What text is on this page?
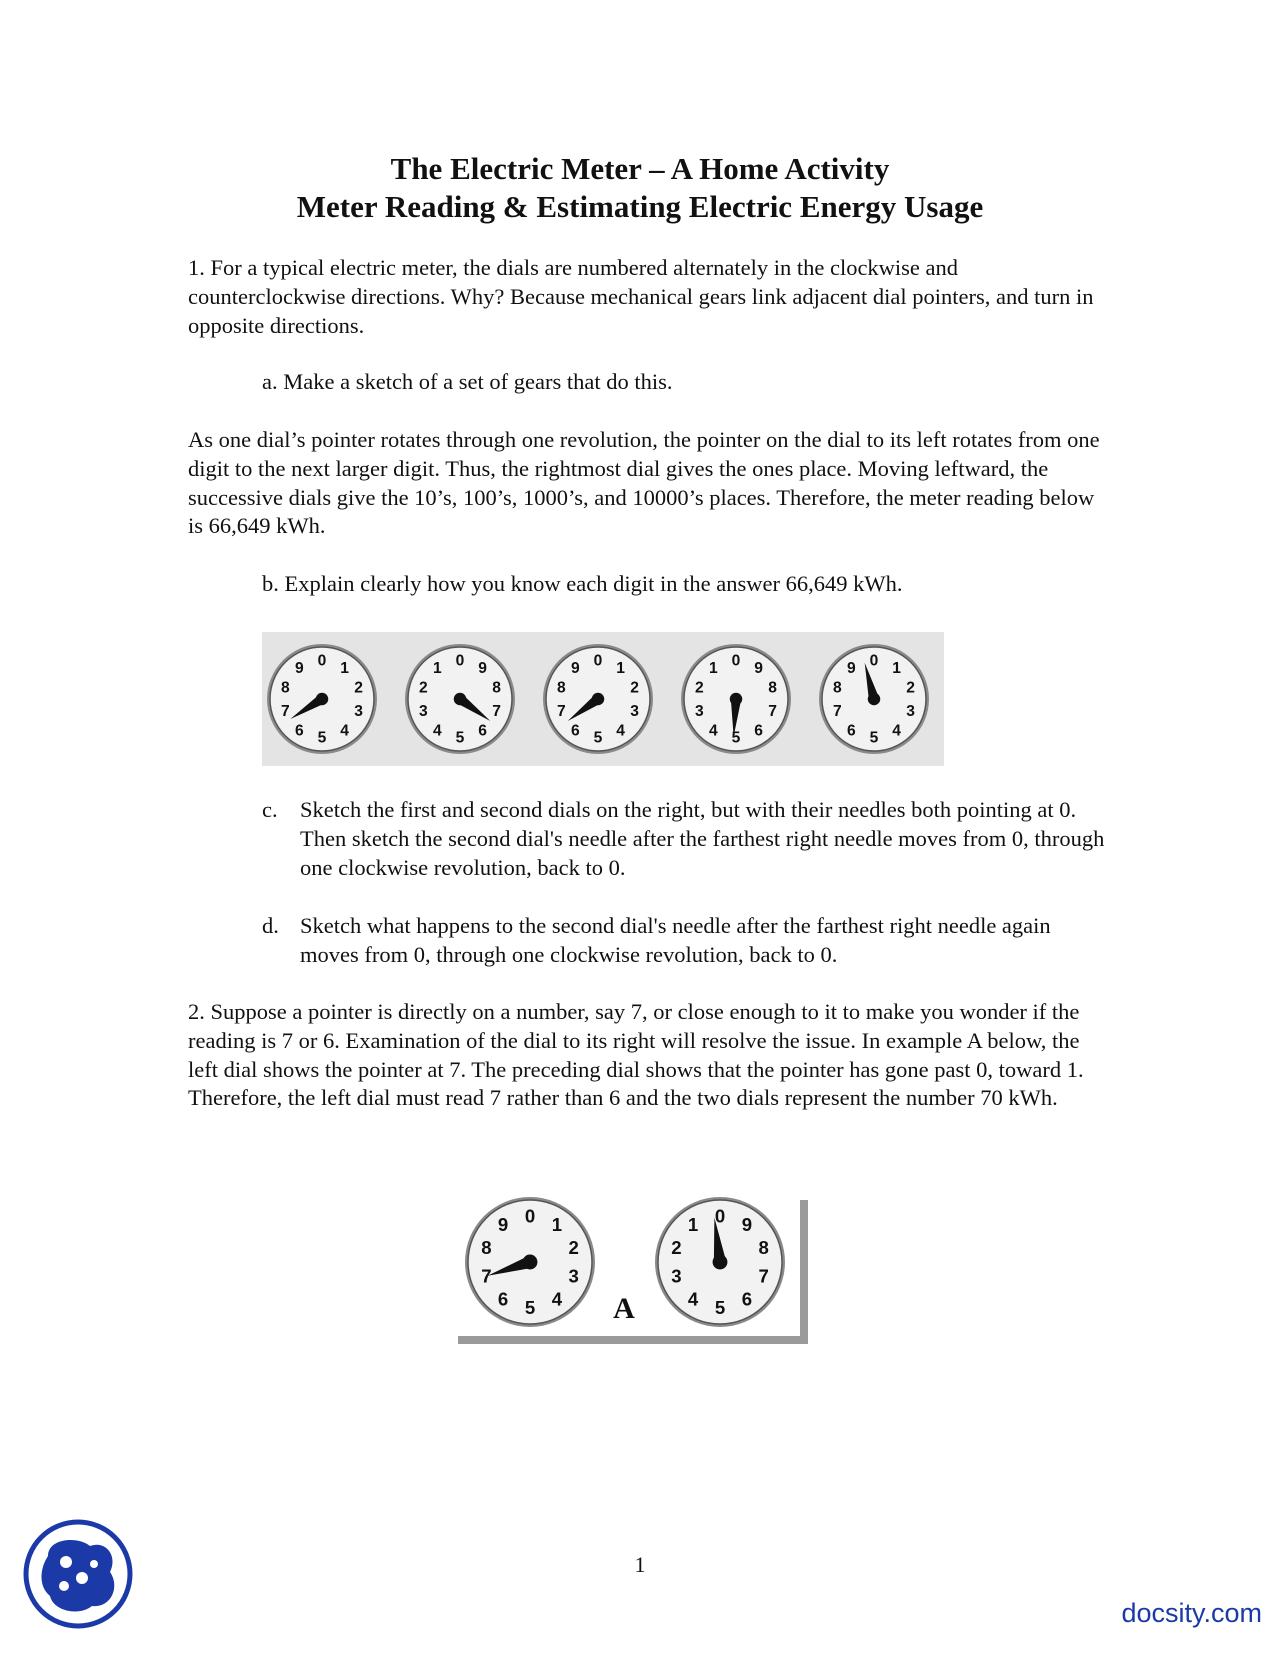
The Electric Meter – A Home Activity
Meter Reading & Estimating Electric Energy Usage

1. For a typical electric meter, the dials are numbered alternately in the clockwise and counterclockwise directions. Why? Because mechanical gears link adjacent dial pointers, and turn in opposite directions.

a. Make a sketch of a set of gears that do this.

As one dial’s pointer rotates through one revolution, the pointer on the dial to its left rotates from one digit to the next larger digit. Thus, the rightmost dial gives the ones place. Moving leftward, the successive dials give the 10’s, 100’s, 1000’s, and 10000’s places. Therefore, the meter reading below is 66,649 kWh.

b. Explain clearly how you know each digit in the answer 66,649 kWh.

0 1
2
3
4
5
6
7
8
9	0
1
2
3
4 5 6
7
8
9	0 1
2
3
4
5
6
7
8
9	0
1
2
3
4 5 6
7
8
9	0 1
2
3
4
5
6
7
8
9
c. Sketch the first and second dials on the right, but with their needles both pointing at 0. Then sketch the second dial's needle after the farthest right needle moves from 0, through one clockwise revolution, back to 0.
d. Sketch what happens to the second dial's needle after the farthest right needle again moves from 0, through one clockwise revolution, back to 0.

2. Suppose a pointer is directly on a number, say 7, or close enough to it to make you wonder if the reading is 7 or 6. Examination of the dial to its right will resolve the issue. In example A below, the left dial shows the pointer at 7. The preceding dial shows that the pointer has gone past 0, toward 1. Therefore, the left dial must read 7 rather than 6 and the two dials represent the number 70 kWh.

0 1
2
3
4
5
6
7
8
9	0
1
2
3
4 5 6
7
8
9
A
1
docsity.com
